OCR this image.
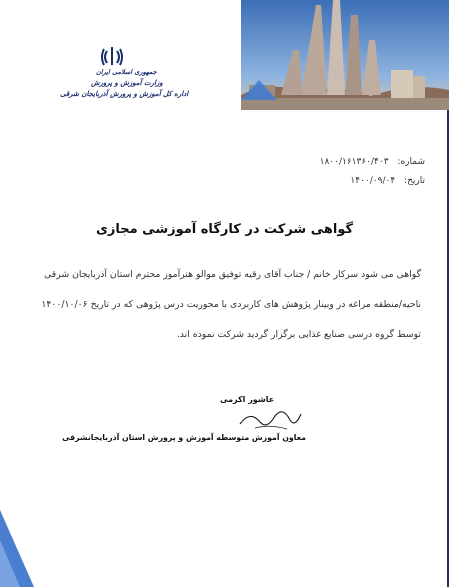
جمهوری اسلامی ایران
وزارت آموزش و پرورش
اداره کل آموزش و پرورش آذربایجان شرقی
شماره: ۱۸۰۰/۱۶۱۳۶۰/۴۰۳
تاریخ: ۱۴۰۰/۰۹/۰۴
گواهی شرکت در کارگاه آموزشی مجازی

گواهی می شود سرکار خانم / جناب آقای رقیه توفیق موالو هنرآموز محترم استان آذربایجان شرقی

ناحیه/منطقه مراغه در وبینار پژوهش های کاربردی با محوریت درس پژوهی که در تاریخ ۱۴۰۰/۱۰/۰۶

توسط گروه درسی صنایع غذایی برگزار گردید شرکت نموده اند.

عاشور اکرمی
معاون آموزش متوسطه آموزش و پرورش استان آذربایجانشرقی
